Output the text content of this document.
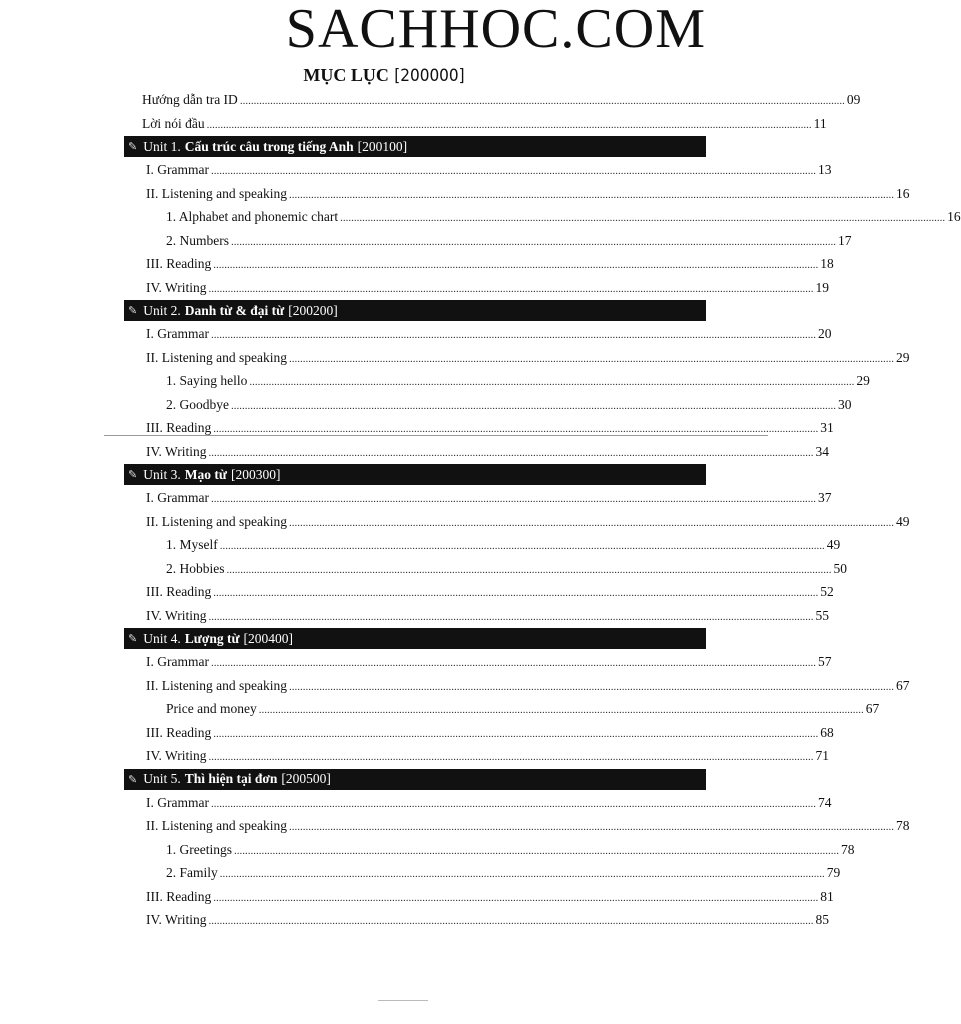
SACHHOC.COM
MỤC LỤC [200000]
Hướng dẫn tra ID ............................................................................................................................................................................................................................ 09
Lời nói đầu ............................................................................................................................................................................................................................ 11
✎ Unit 1. Cấu trúc câu trong tiếng Anh [200100]
I. Grammar ............................................................................................................................................................................................................................ 13
II. Listening and speaking ............................................................................................................................................................................................................................ 16
1. Alphabet and phonemic chart ............................................................................................................................................................................................................................ 16
2. Numbers ............................................................................................................................................................................................................................ 17
III. Reading ............................................................................................................................................................................................................................ 18
IV. Writing ............................................................................................................................................................................................................................ 19
✎ Unit 2. Danh từ & đại từ [200200]
I. Grammar ............................................................................................................................................................................................................................ 20
II. Listening and speaking ............................................................................................................................................................................................................................ 29
1. Saying hello ............................................................................................................................................................................................................................ 29
2. Goodbye ............................................................................................................................................................................................................................ 30
III. Reading ............................................................................................................................................................................................................................ 31
IV. Writing ............................................................................................................................................................................................................................ 34
✎ Unit 3. Mạo từ [200300]
I. Grammar ............................................................................................................................................................................................................................ 37
II. Listening and speaking ............................................................................................................................................................................................................................ 49
1. Myself ............................................................................................................................................................................................................................ 49
2. Hobbies ............................................................................................................................................................................................................................ 50
III. Reading ............................................................................................................................................................................................................................ 52
IV. Writing ............................................................................................................................................................................................................................ 55
✎ Unit 4. Lượng từ [200400]
I. Grammar ............................................................................................................................................................................................................................ 57
II. Listening and speaking ............................................................................................................................................................................................................................ 67
Price and money ............................................................................................................................................................................................................................ 67
III. Reading ............................................................................................................................................................................................................................ 68
IV. Writing ............................................................................................................................................................................................................................ 71
✎ Unit 5. Thì hiện tại đơn [200500]
I. Grammar ............................................................................................................................................................................................................................ 74
II. Listening and speaking ............................................................................................................................................................................................................................ 78
1. Greetings ............................................................................................................................................................................................................................ 78
2. Family ............................................................................................................................................................................................................................ 79
III. Reading ............................................................................................................................................................................................................................ 81
IV. Writing ............................................................................................................................................................................................................................ 85
